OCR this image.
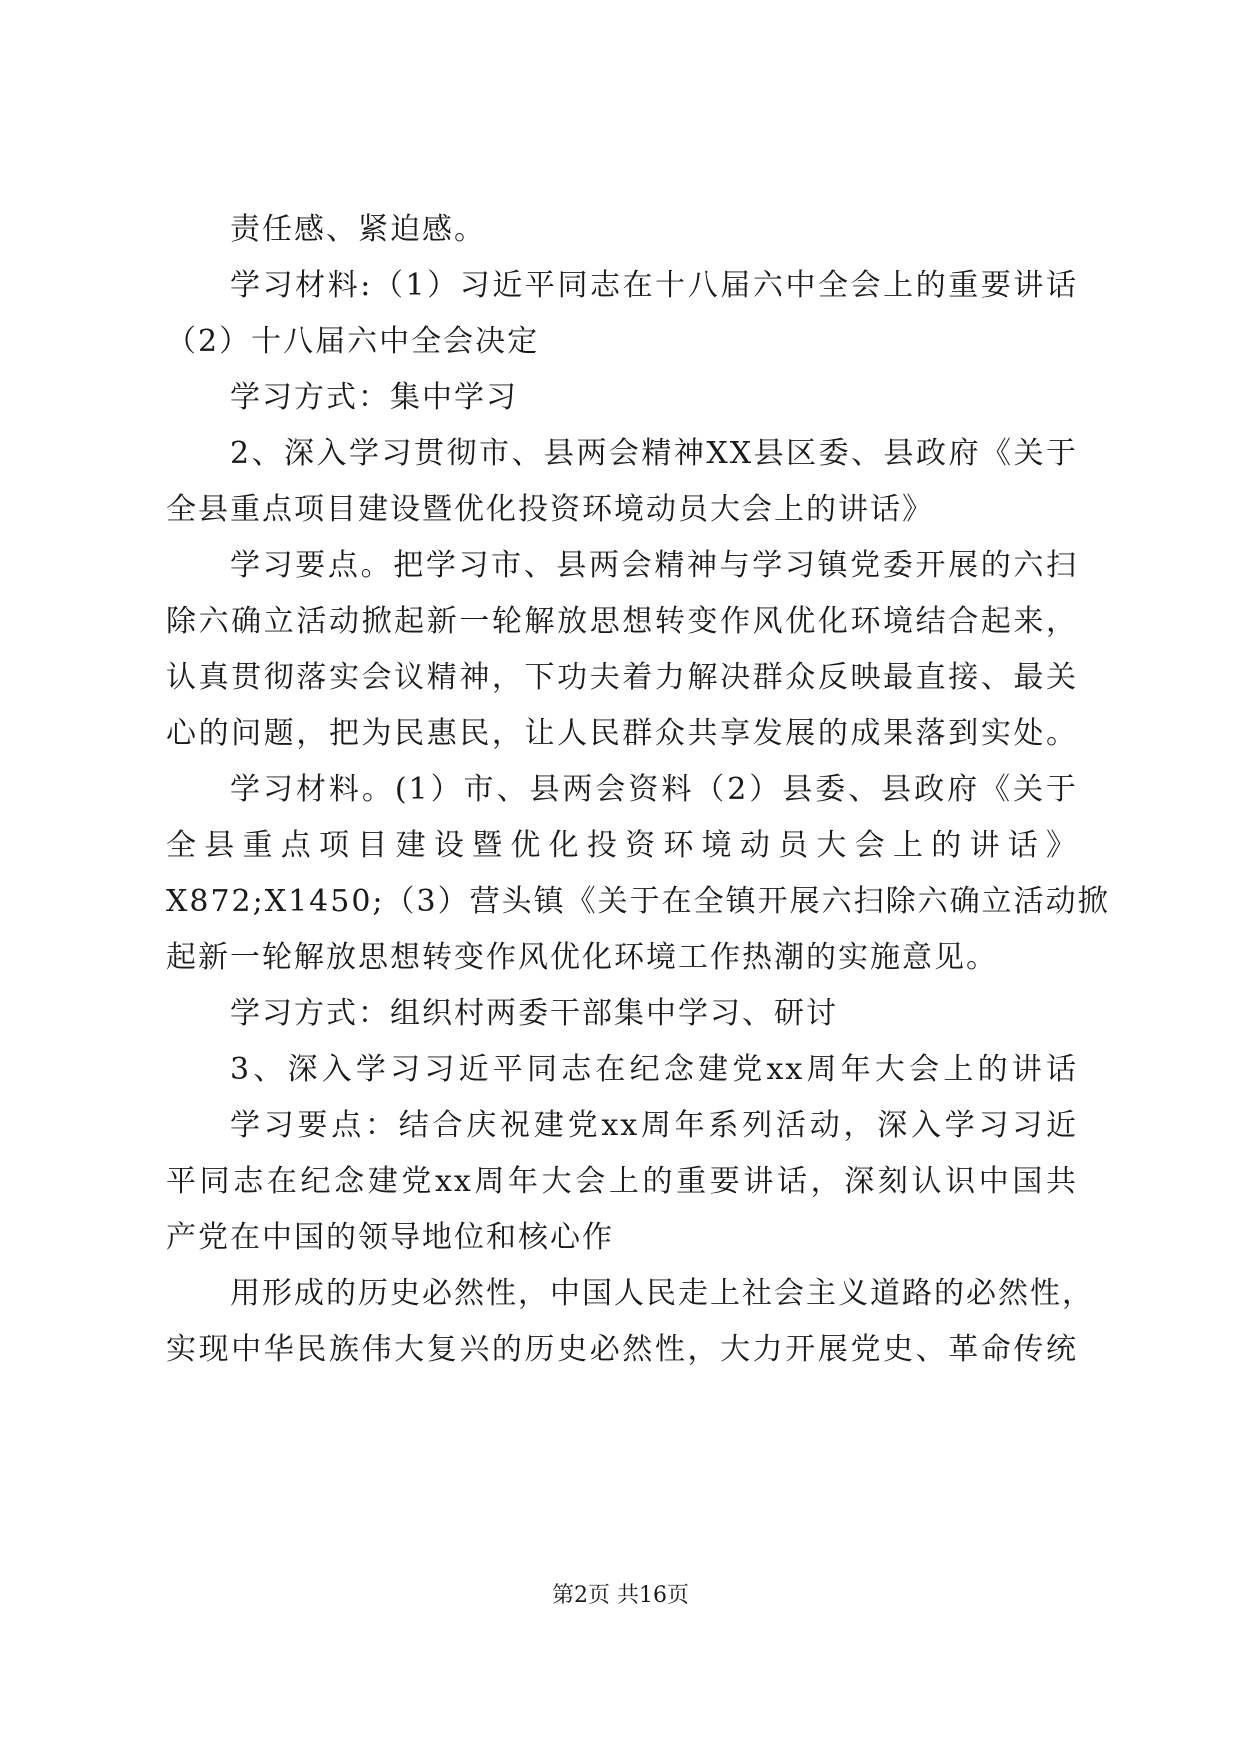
责任感、紧迫感。
学习材料:（1）习近平同志在十八届六中全会上的重要讲话
（2）十八届六中全会决定
学习方式：集中学习
2、深入学习贯彻市、县两会精神XX县区委、县政府《关于
全县重点项目建设暨优化投资环境动员大会上的讲话》
学习要点。把学习市、县两会精神与学习镇党委开展的六扫
除六确立活动掀起新一轮解放思想转变作风优化环境结合起来，
认真贯彻落实会议精神，下功夫着力解决群众反映最直接、最关
心的问题，把为民惠民，让人民群众共享发展的成果落到实处。
学习材料。(1）市、县两会资料（2）县委、县政府《关于
全县重点项目建设暨优化投资环境动员大会上的讲话》
X872;X1450;（3）营头镇《关于在全镇开展六扫除六确立活动掀
起新一轮解放思想转变作风优化环境工作热潮的实施意见。
学习方式：组织村两委干部集中学习、研讨
3、深入学习习近平同志在纪念建党xx周年大会上的讲话
学习要点：结合庆祝建党xx周年系列活动，深入学习习近
平同志在纪念建党xx周年大会上的重要讲话，深刻认识中国共
产党在中国的领导地位和核心作
用形成的历史必然性，中国人民走上社会主义道路的必然性，
实现中华民族伟大复兴的历史必然性，大力开展党史、革命传统
第2页 共16页
